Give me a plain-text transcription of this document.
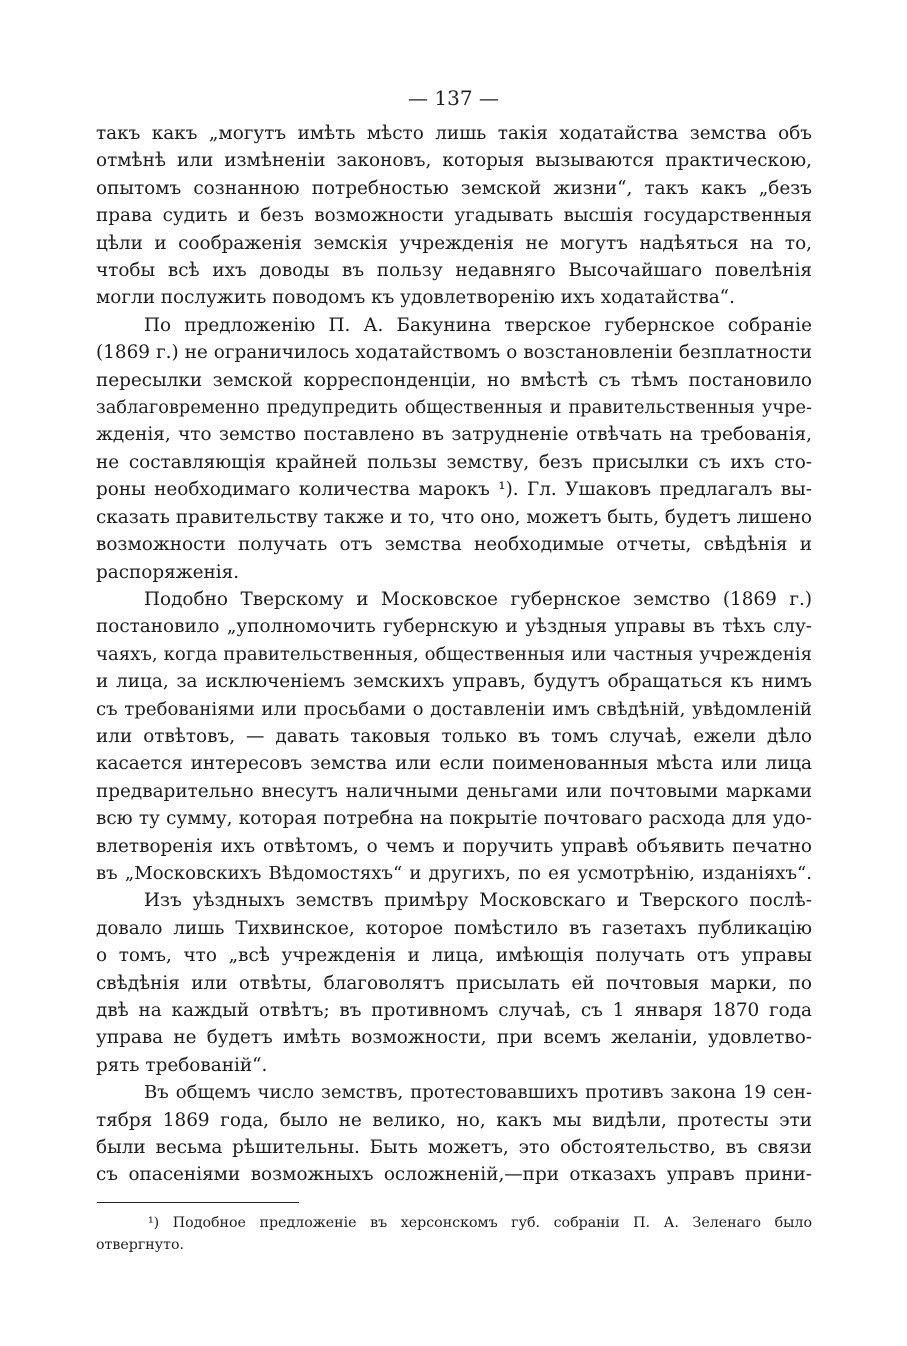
— 137 —

такъ какъ „могутъ имѣть мѣсто лишь такія ходатайства земства объ
отмѣнѣ или измѣненіи законовъ, которыя вызываются практическою,
опытомъ сознанною потребностью земской жизни“, такъ какъ „безъ
права судить и безъ возможности угадывать высшія государственныя
цѣли и соображенія земскія учрежденія не могутъ надѣяться на то,
чтобы всѣ ихъ доводы въ пользу недавняго Высочайшаго повелѣнія
могли послужить поводомъ къ удовлетворенію ихъ ходатайства“.

По предложенію П. А. Бакунина тверское губернское собраніе
(1869 г.) не ограничилось ходатайствомъ о возстановленіи безплатности
пересылки земской корреспонденціи, но вмѣстѣ съ тѣмъ постановило
заблаговременно предупредить общественныя и правительственныя учре-
жденія, что земство поставлено въ затрудненіе отвѣчать на требованія,
не составляющія крайней пользы земству, безъ присылки съ ихъ сто-
роны необходимаго количества марокъ ¹). Гл. Ушаковъ предлагалъ вы-
сказать правительству также и то, что оно, можетъ быть, будетъ лишено
возможности получать отъ земства необходимые отчеты, свѣдѣнія и
распоряженія.

Подобно Тверскому и Московское губернское земство (1869 г.)
постановило „уполномочить губернскую и уѣздныя управы въ тѣхъ слу-
чаяхъ, когда правительственныя, общественныя или частныя учрежденія
и лица, за исключеніемъ земскихъ управъ, будутъ обращаться къ нимъ
съ требованіями или просьбами о доставленіи имъ свѣдѣній, увѣдомленій
или отвѣтовъ, — давать таковыя только въ томъ случаѣ, ежели дѣло
касается интересовъ земства или если поименованныя мѣста или лица
предварительно внесутъ наличными деньгами или почтовыми марками
всю ту сумму, которая потребна на покрытіе почтоваго расхода для удо-
влетворенія ихъ отвѣтомъ, о чемъ и поручить управѣ объявить печатно
въ „Московскихъ Вѣдомостяхъ“ и другихъ, по ея усмотрѣнію, изданіяхъ“.

Изъ уѣздныхъ земствъ примѣру Московскаго и Тверского послѣ-
довало лишь Тихвинское, которое помѣстило въ газетахъ публикацію
о томъ, что „всѣ учрежденія и лица, имѣющія получать отъ управы
свѣдѣнія или отвѣты, благоволятъ присылать ей почтовыя марки, по
двѣ на каждый отвѣтъ; въ противномъ случаѣ, съ 1 января 1870 года
управа не будетъ имѣть возможности, при всемъ желаніи, удовлетво-
рять требованій“.

Въ общемъ число земствъ, протестовавшихъ противъ закона 19 сен-
тября 1869 года, было не велико, но, какъ мы видѣли, протесты эти
были весьма рѣшительны. Быть можетъ, это обстоятельство, въ связи
съ опасеніями возможныхъ осложненій,—при отказахъ управъ прини-

¹) Подобное предложеніе въ херсонскомъ губ. собраніи П. А. Зеленаго было
отвергнуто.
